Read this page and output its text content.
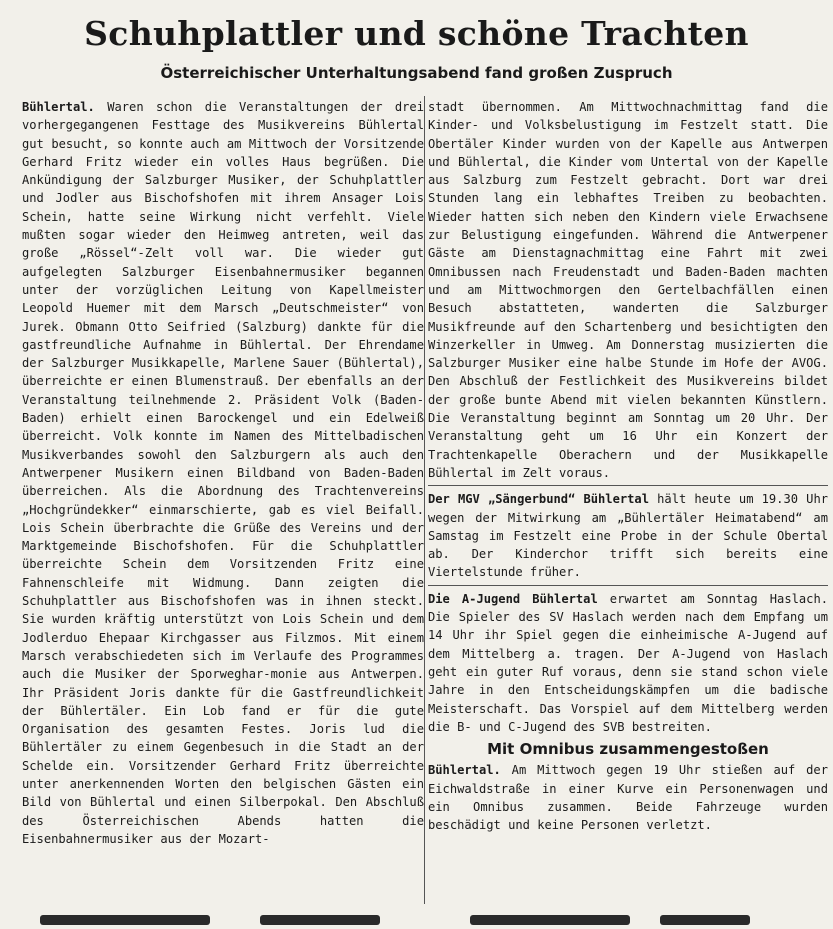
Schuhplattler und schöne Trachten
Österreichischer Unterhaltungsabend fand großen Zuspruch
Bühlertal. Waren schon die Veranstaltungen der drei vorhergegangenen Festtage des Musikvereins Bühlertal gut besucht, so konnte auch am Mittwoch der Vorsitzende Gerhard Fritz wieder ein volles Haus begrüßen. Die Ankündigung der Salzburger Musiker, der Schuhplattler und Jodler aus Bischofshofen mit ihrem Ansager Lois Schein, hatte seine Wirkung nicht verfehlt. Viele mußten sogar wieder den Heimweg antreten, weil das große „Rössel“-Zelt voll war. Die wieder gut aufgelegten Salzburger Eisenbahnermusiker begannen unter der vorzüglichen Leitung von Kapellmeister Leopold Huemer mit dem Marsch „Deutschmeister“ von Jurek. Obmann Otto Seifried (Salzburg) dankte für die gastfreundliche Aufnahme in Bühlertal. Der Ehrendame der Salzburger Musikkapelle, Marlene Sauer (Bühlertal), überreichte er einen Blumenstrauß. Der ebenfalls an der Veranstaltung teilnehmende 2. Präsident Volk (Baden-Baden) erhielt einen Barockengel und ein Edelweiß überreicht. Volk konnte im Namen des Mittelbadischen Musikverbandes sowohl den Salzburgern als auch den Antwerpener Musikern einen Bildband von Baden-Baden überreichen. Als die Abordnung des Trachtenvereins „Hochgründekker“ einmarschierte, gab es viel Beifall. Lois Schein überbrachte die Grüße des Vereins und der Marktgemeinde Bischofshofen. Für die Schuhplattler überreichte Schein dem Vorsitzenden Fritz eine Fahnenschleife mit Widmung. Dann zeigten die Schuhplattler aus Bischofshofen was in ihnen steckt. Sie wurden kräftig unterstützt von Lois Schein und dem Jodlerduo Ehepaar Kirchgasser aus Filzmos. Mit einem Marsch verabschiedeten sich im Verlaufe des Programmes auch die Musiker der Sporweghar-monie aus Antwerpen. Ihr Präsident Joris dankte für die Gastfreundlichkeit der Bühlertäler. Ein Lob fand er für die gute Organisation des gesamten Festes. Joris lud die Bühlertäler zu einem Gegenbesuch in die Stadt an der Schelde ein. Vorsitzender Gerhard Fritz überreichte unter anerkennenden Worten den belgischen Gästen ein Bild von Bühlertal und einen Silberpokal. Den Abschluß des Österreichischen Abends hatten die Eisenbahnermusiker aus der Mozart-
stadt übernommen. Am Mittwochnachmittag fand die Kinder- und Volksbelustigung im Festzelt statt. Die Obertäler Kinder wurden von der Kapelle aus Antwerpen und Bühlertal, die Kinder vom Untertal von der Kapelle aus Salzburg zum Festzelt gebracht. Dort war drei Stunden lang ein lebhaftes Treiben zu beobachten. Wieder hatten sich neben den Kindern viele Erwachsene zur Belustigung eingefunden. Während die Antwerpener Gäste am Dienstagnachmittag eine Fahrt mit zwei Omnibussen nach Freudenstadt und Baden-Baden machten und am Mittwochmorgen den Gertelbachfällen einen Besuch abstatteten, wanderten die Salzburger Musikfreunde auf den Schartenberg und besichtigten den Winzerkeller in Umweg. Am Donnerstag musizierten die Salzburger Musiker eine halbe Stunde im Hofe der AVOG. Den Abschluß der Festlichkeit des Musikvereins bildet der große bunte Abend mit vielen bekannten Künstlern. Die Veranstaltung beginnt am Sonntag um 20 Uhr. Der Veranstaltung geht um 16 Uhr ein Konzert der Trachtenkapelle Oberachern und der Musikkapelle Bühlertal im Zelt voraus.
Der MGV „Sängerbund“ Bühlertal hält heute um 19.30 Uhr wegen der Mitwirkung am „Bühlertäler Heimatabend“ am Samstag im Festzelt eine Probe in der Schule Obertal ab. Der Kinderchor trifft sich bereits eine Viertelstunde früher.
Die A-Jugend Bühlertal erwartet am Sonntag Haslach. Die Spieler des SV Haslach werden nach dem Empfang um 14 Uhr ihr Spiel gegen die einheimische A-Jugend auf dem Mittelberg a. tragen. Der A-Jugend von Haslach geht ein guter Ruf voraus, denn sie stand schon viele Jahre in den Entscheidungskämpfen um die badische Meisterschaft. Das Vorspiel auf dem Mittelberg werden die B- und C-Jugend des SVB bestreiten.
Mit Omnibus zusammengestoßen
Bühlertal. Am Mittwoch gegen 19 Uhr stießen auf der Eichwaldstraße in einer Kurve ein Personenwagen und ein Omnibus zusammen. Beide Fahrzeuge wurden beschädigt und keine Personen verletzt.
